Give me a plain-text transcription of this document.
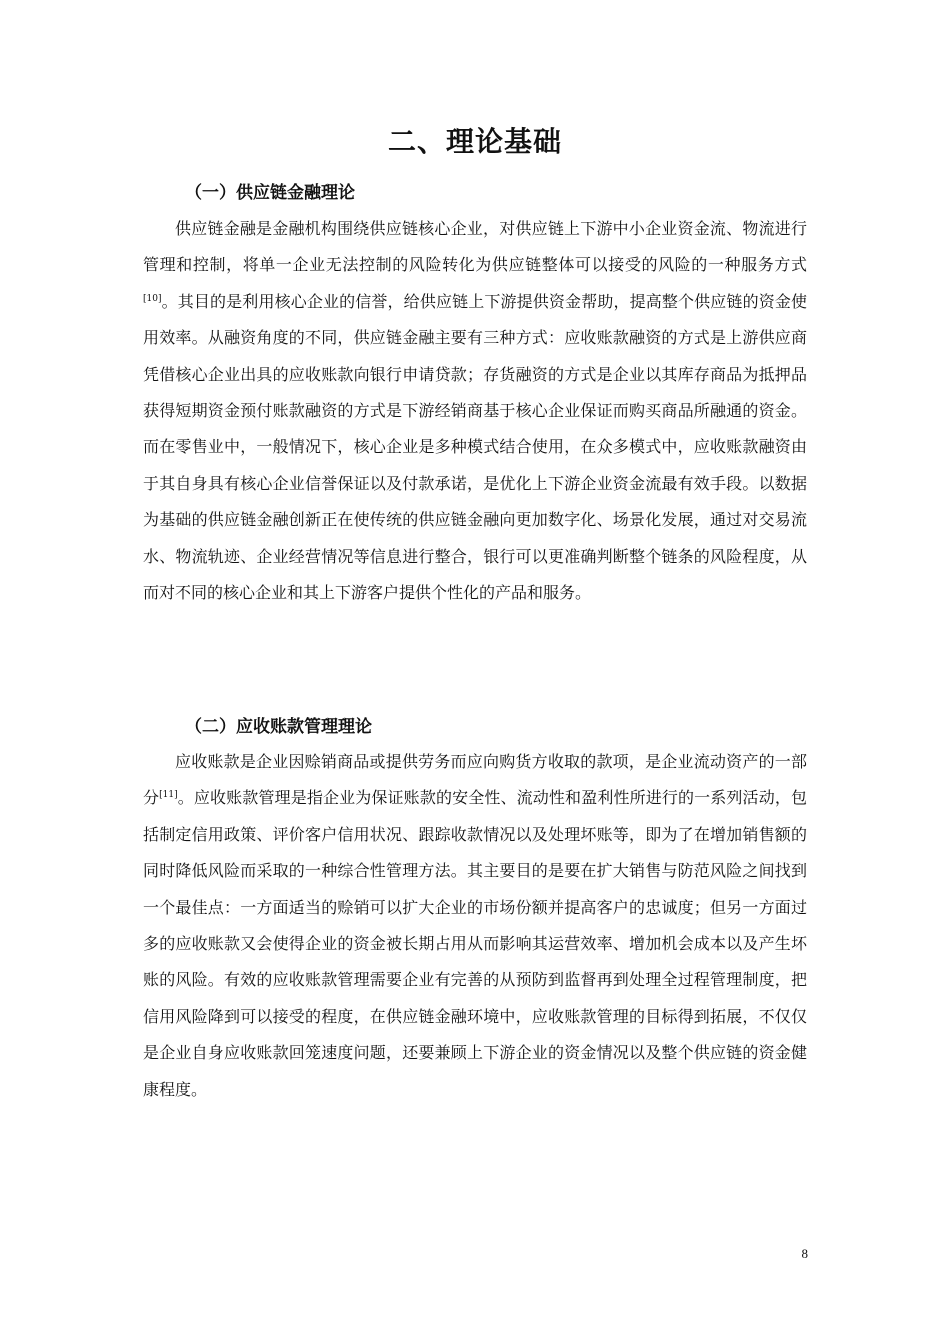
二、理论基础
（一）供应链金融理论

供应链金融是金融机构围绕供应链核心企业，对供应链上下游中小企业资金流、物流进行管理和控制，将单一企业无法控制的风险转化为供应链整体可以接受的风险的一种服务方式[10]。其目的是利用核心企业的信誉，给供应链上下游提供资金帮助，提高整个供应链的资金使用效率。从融资角度的不同，供应链金融主要有三种方式：应收账款融资的方式是上游供应商凭借核心企业出具的应收账款向银行申请贷款；存货融资的方式是企业以其库存商品为抵押品获得短期资金预付账款融资的方式是下游经销商基于核心企业保证而购买商品所融通的资金。而在零售业中，一般情况下，核心企业是多种模式结合使用，在众多模式中，应收账款融资由于其自身具有核心企业信誉保证以及付款承诺，是优化上下游企业资金流最有效手段。以数据为基础的供应链金融创新正在使传统的供应链金融向更加数字化、场景化发展，通过对交易流水、物流轨迹、企业经营情况等信息进行整合，银行可以更准确判断整个链条的风险程度，从而对不同的核心企业和其上下游客户提供个性化的产品和服务。

（二）应收账款管理理论

应收账款是企业因赊销商品或提供劳务而应向购货方收取的款项，是企业流动资产的一部分[11]。应收账款管理是指企业为保证账款的安全性、流动性和盈利性所进行的一系列活动，包括制定信用政策、评价客户信用状况、跟踪收款情况以及处理坏账等，即为了在增加销售额的同时降低风险而采取的一种综合性管理方法。其主要目的是要在扩大销售与防范风险之间找到一个最佳点：一方面适当的赊销可以扩大企业的市场份额并提高客户的忠诚度；但另一方面过多的应收账款又会使得企业的资金被长期占用从而影响其运营效率、增加机会成本以及产生坏账的风险。有效的应收账款管理需要企业有完善的从预防到监督再到处理全过程管理制度，把信用风险降到可以接受的程度，在供应链金融环境中，应收账款管理的目标得到拓展，不仅仅是企业自身应收账款回笼速度问题，还要兼顾上下游企业的资金情况以及整个供应链的资金健康程度。

8
